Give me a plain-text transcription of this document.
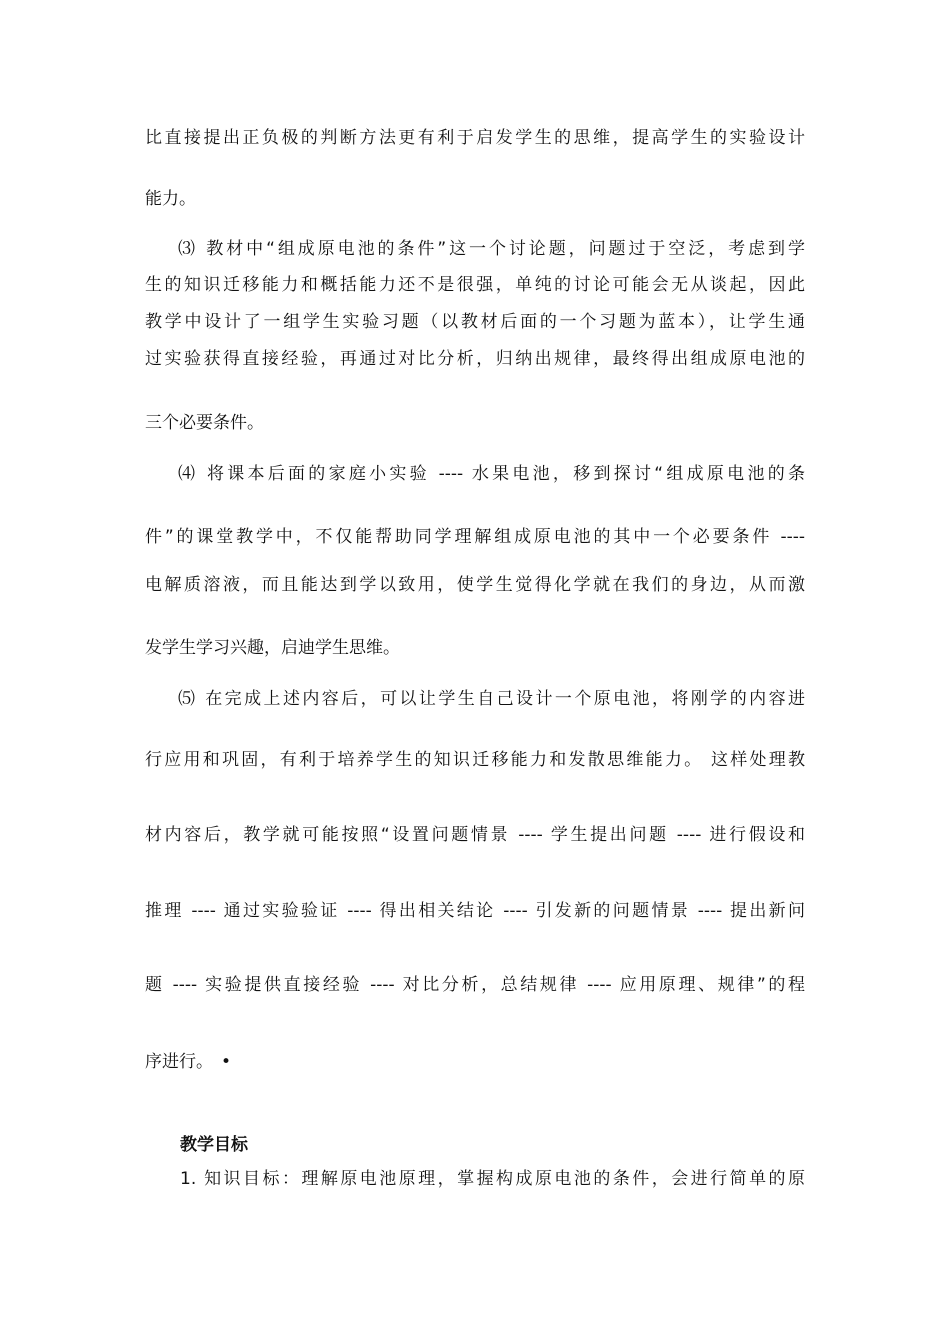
比直接提出正负极的判断方法更有利于启发学生的思维，提高学生的实验设计
能力。
⑶ 教材中“组成原电池的条件”这一个讨论题，问题过于空泛，考虑到学
生的知识迁移能力和概括能力还不是很强，单纯的讨论可能会无从谈起，因此
教学中设计了一组学生实验习题（以教材后面的一个习题为蓝本），让学生通
过实验获得直接经验，再通过对比分析，归纳出规律，最终得出组成原电池的
三个必要条件。
⑷ 将课本后面的家庭小实验 ---- 水果电池，移到探讨“组成原电池的条
件”的课堂教学中，不仅能帮助同学理解组成原电池的其中一个必要条件 ----
电解质溶液，而且能达到学以致用，使学生觉得化学就在我们的身边，从而激
发学生学习兴趣，启迪学生思维。
⑸ 在完成上述内容后，可以让学生自己设计一个原电池，将刚学的内容进
行应用和巩固，有利于培养学生的知识迁移能力和发散思维能力。 这样处理教
材内容后，教学就可能按照“设置问题情景 ---- 学生提出问题 ---- 进行假设和
推理 ---- 通过实验验证 ---- 得出相关结论 ---- 引发新的问题情景 ---- 提出新问
题 ---- 实验提供直接经验 ---- 对比分析，总结规律 ---- 应用原理、规律”的程
序进行。 •
教学目标
1. 知识目标：理解原电池原理，掌握构成原电池的条件，会进行简单的原
